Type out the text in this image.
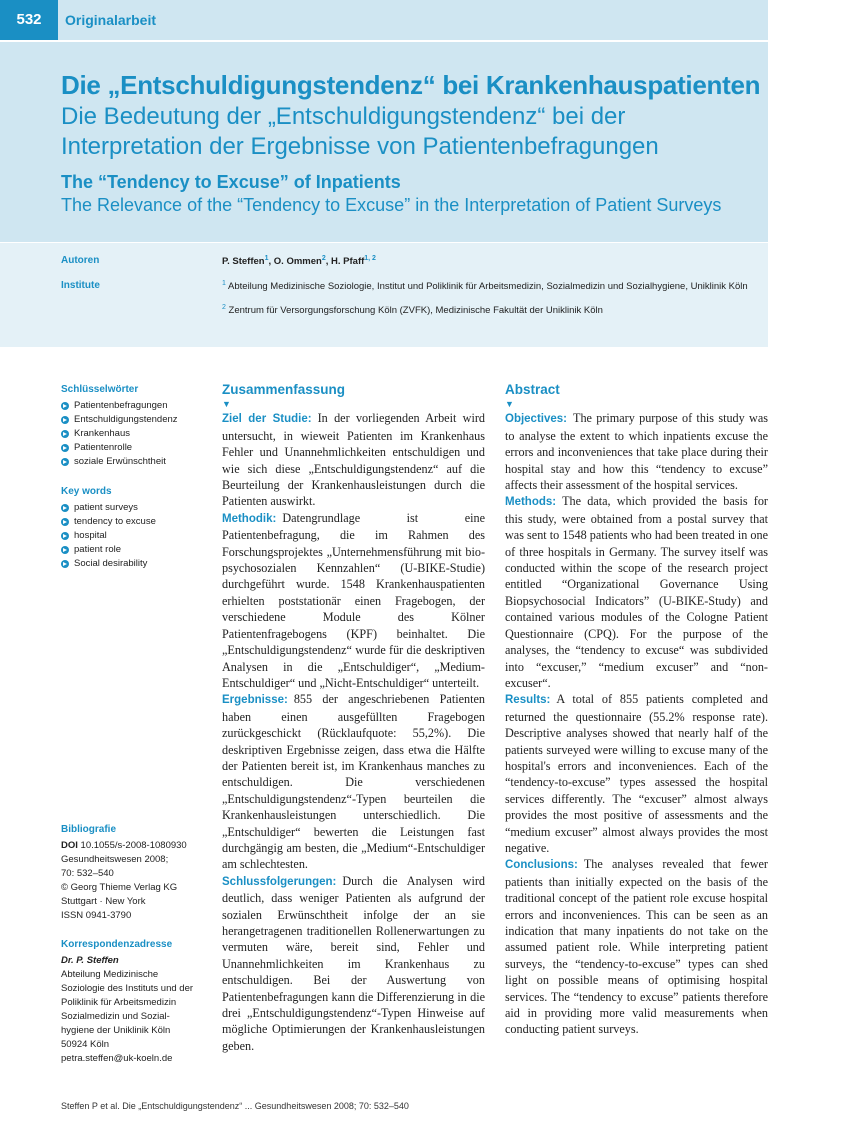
532	Originalarbeit
Die „Entschuldigungstendenz“ bei Krankenhauspatienten
Die Bedeutung der „Entschuldigungstendenz“ bei der Interpretation der Ergebnisse von Patientenbefragungen
The “Tendency to Excuse” of Inpatients
The Relevance of the “Tendency to Excuse” in the Interpretation of Patient Surveys
Autoren
Institute
P. Steffen$^1$, O. Ommen$^2$, H. Pfaff$^{1, 2}$
$^1$ Abteilung Medizinische Soziologie, Institut und Poliklinik für Arbeitsmedizin, Sozialmedizin und Sozialhygiene, Uniklinik Köln
$^2$ Zentrum für Versorgungsforschung Köln (ZVFK), Medizinische Fakultät der Uniklinik Köln
Schlüsselwörter
Patientenbefragungen
Entschuldigungstendenz
Krankenhaus
Patientenrolle
soziale Erwünschtheit
Key words
patient surveys
tendency to excuse
hospital
patient role
Social desirability
Bibliografie
DOI 10.1055/s-2008-1080930
Gesundheitswesen 2008;
70: 532–540
© Georg Thieme Verlag KG
Stuttgart · New York
ISSN 0941-3790
Korrespondenzadresse
Dr. P. Steffen
Abteilung Medizinische
Soziologie des Instituts und der
Poliklinik für Arbeitsmedizin
Sozialmedizin und Sozial-
hygiene der Uniklinik Köln
50924 Köln
petra.steffen@uk-koeln.de
Zusammenfassung
▼

Ziel der Studie: In der vorliegenden Arbeit wird untersucht, in wieweit Patienten im Krankenhaus Fehler und Unannehmlichkeiten entschuldigen und wie sich diese „Entschuldigungstendenz“ auf die Beurteilung der Krankenhausleistungen durch die Patienten auswirkt.

Methodik: Datengrundlage ist eine Patientenbefragung, die im Rahmen des Forschungsprojektes „Unternehmensführung mit bio-psychosozialen Kennzahlen“ (U-BIKE-Studie) durchgeführt wurde. 1548 Krankenhauspatienten erhielten poststationär einen Fragebogen, der verschiedene Module des Kölner Patientenfragebogens (KPF) beinhaltet. Die „Entschuldigungstendenz“ wurde für die deskriptiven Analysen in die „Entschuldiger“, „Medium-Entschuldiger“ und „Nicht-Entschuldiger“ unterteilt.

Ergebnisse: 855 der angeschriebenen Patienten haben einen ausgefüllten Fragebogen zurückgeschickt (Rücklaufquote: 55,2%). Die deskriptiven Ergebnisse zeigen, dass etwa die Hälfte der Patienten bereit ist, im Krankenhaus manches zu entschuldigen. Die verschiedenen „Entschuldigungstendenz“-Typen beurteilen die Krankenhausleistungen unterschiedlich. Die „Entschuldiger“ bewerten die Leistungen fast durchgängig am besten, die „Medium“-Entschuldiger am schlechtesten.

Schlussfolgerungen: Durch die Analysen wird deutlich, dass weniger Patienten als aufgrund der sozialen Erwünschtheit infolge der an sie herangetragenen traditionellen Rollenerwartungen zu vermuten wäre, bereit sind, Fehler und Unannehmlichkeiten im Krankenhaus zu entschuldigen. Bei der Auswertung von Patientenbefragungen kann die Differenzierung in die drei „Entschuldigungstendenz“-Typen Hinweise auf mögliche Optimierungen der Krankenhausleistungen geben.

Abstract
▼

Objectives: The primary purpose of this study was to analyse the extent to which inpatients excuse the errors and inconveniences that take place during their hospital stay and how this “tendency to excuse” affects their assessment of the hospital services.

Methods: The data, which provided the basis for this study, were obtained from a postal survey that was sent to 1548 patients who had been treated in one of three hospitals in Germany. The survey itself was conducted within the scope of the research project entitled “Organizational Governance Using Biopsychosocial Indicators” (U-BIKE-Study) and contained various modules of the Cologne Patient Questionnaire (CPQ). For the purpose of the analyses, the “tendency to excuse“ was subdivided into “excuser,” “medium excuser” and “non-excuser“.

Results: A total of 855 patients completed and returned the questionnaire (55.2% response rate). Descriptive analyses showed that nearly half of the patients surveyed were willing to excuse many of the hospital's errors and inconveniences. Each of the “tendency-to-excuse” types assessed the hospital services differently. The “excuser” almost always provides the most positive of assessments and the “medium excuser” almost always provides the most negative.

Conclusions: The analyses revealed that fewer patients than initially expected on the basis of the traditional concept of the patient role excuse hospital errors and inconveniences. This can be seen as an indication that many inpatients do not take on the assumed patient role. While interpreting patient surveys, the “tendency-to-excuse” types can shed light on possible means of optimising hospital services. The “tendency to excuse” patients therefore aid in providing more valid measurements when conducting patient surveys.

Steffen P et al. Die „Entschuldigungstendenz“ ... Gesundheitswesen 2008; 70: 532–540
